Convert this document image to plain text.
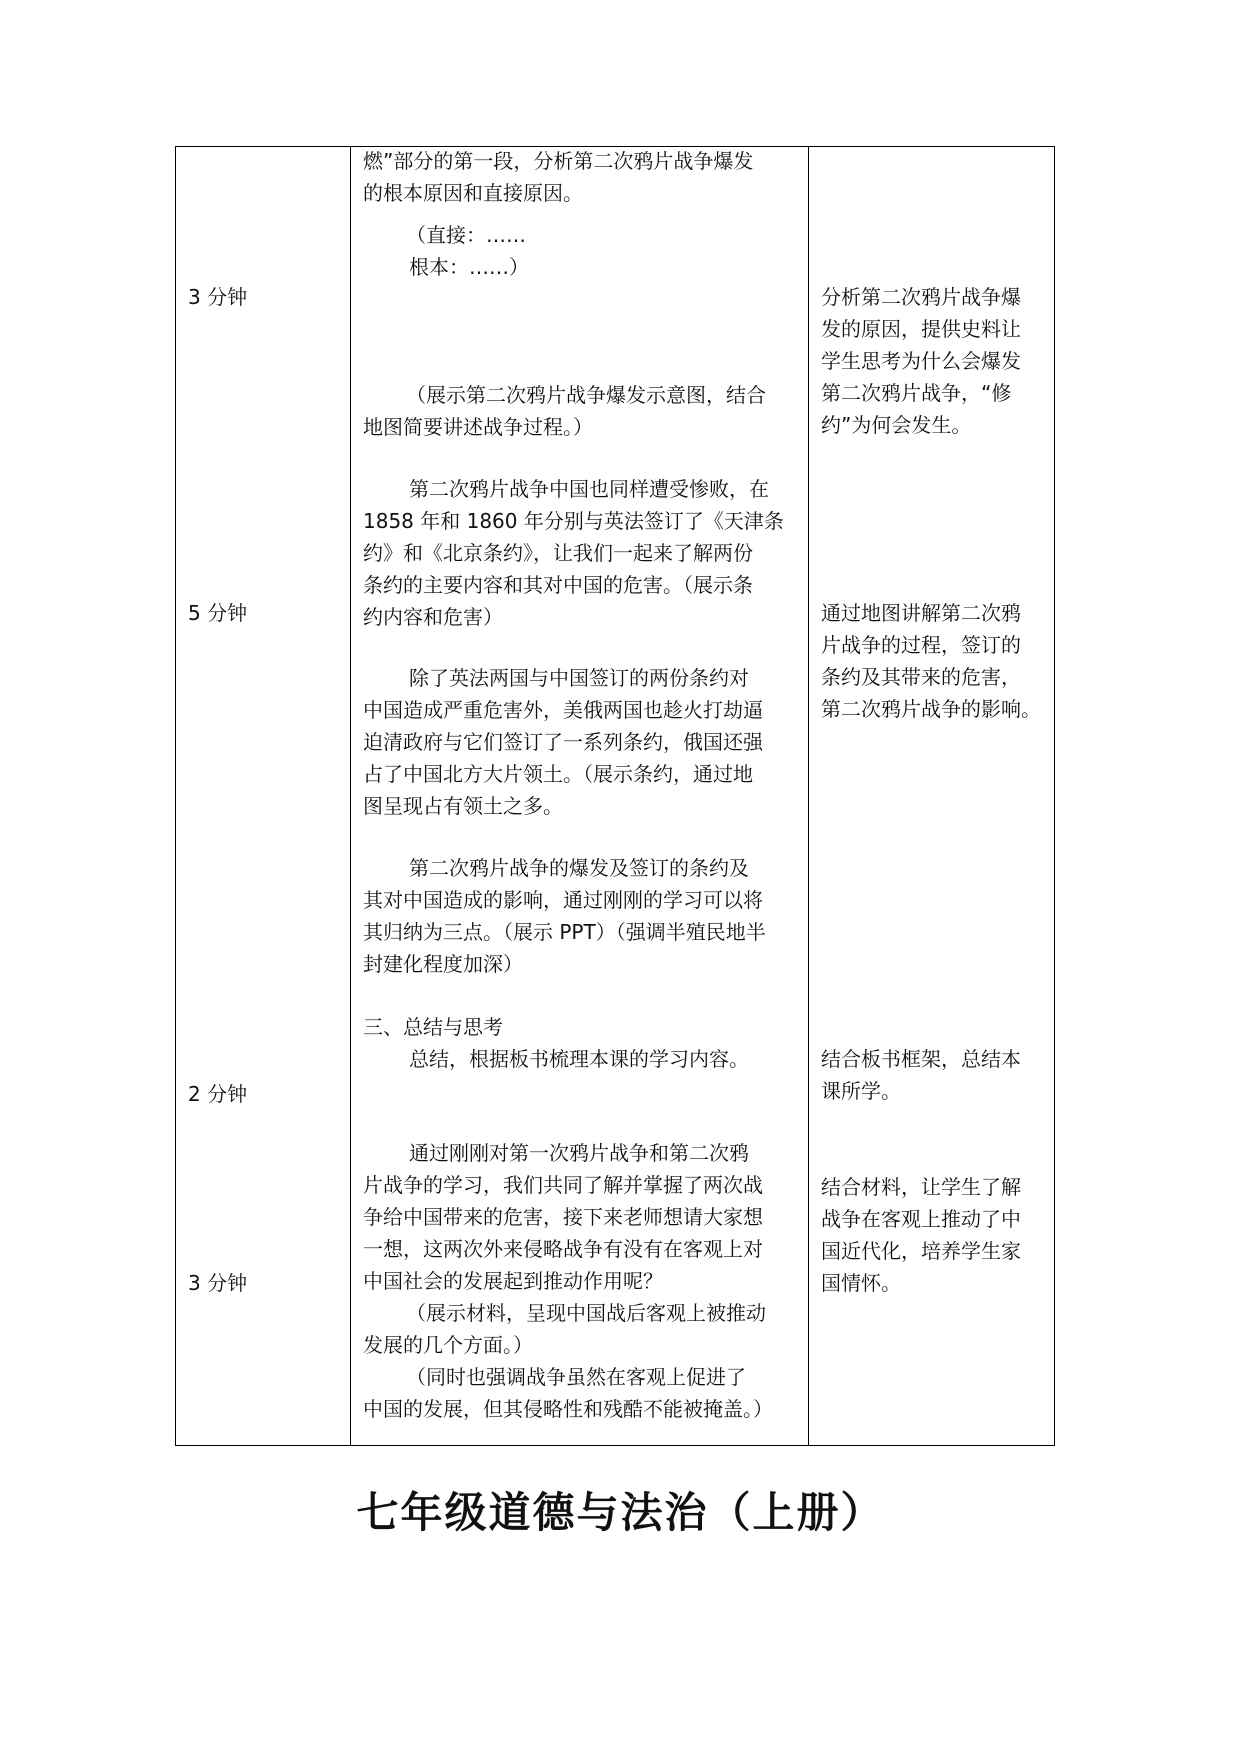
3 分钟
5 分钟
2 分钟
3 分钟
燃”部分的第一段，分析第二次鸦片战争爆发
的根本原因和直接原因。
（直接：……
根本：……）
（展示第二次鸦片战争爆发示意图，结合
地图简要讲述战争过程。）
第二次鸦片战争中国也同样遭受惨败，在
1858 年和 1860 年分别与英法签订了《天津条
约》和《北京条约》，让我们一起来了解两份
条约的主要内容和其对中国的危害。（展示条
约内容和危害）
除了英法两国与中国签订的两份条约对
中国造成严重危害外，美俄两国也趁火打劫逼
迫清政府与它们签订了一系列条约，俄国还强
占了中国北方大片领土。（展示条约，通过地
图呈现占有领土之多。
第二次鸦片战争的爆发及签订的条约及
其对中国造成的影响，通过刚刚的学习可以将
其归纳为三点。（展示 PPT）（强调半殖民地半
封建化程度加深）
三、总结与思考
总结，根据板书梳理本课的学习内容。
通过刚刚对第一次鸦片战争和第二次鸦
片战争的学习，我们共同了解并掌握了两次战
争给中国带来的危害，接下来老师想请大家想
一想，这两次外来侵略战争有没有在客观上对
中国社会的发展起到推动作用呢？
（展示材料，呈现中国战后客观上被推动
发展的几个方面。）
（同时也强调战争虽然在客观上促进了
中国的发展，但其侵略性和残酷不能被掩盖。）
分析第二次鸦片战争爆
发的原因，提供史料让
学生思考为什么会爆发
第二次鸦片战争，“修
约”为何会发生。
通过地图讲解第二次鸦
片战争的过程，签订的
条约及其带来的危害，
第二次鸦片战争的影响。
结合板书框架，总结本
课所学。
结合材料，让学生了解
战争在客观上推动了中
国近代化，培养学生家
国情怀。
七年级道德与法治（上册）
